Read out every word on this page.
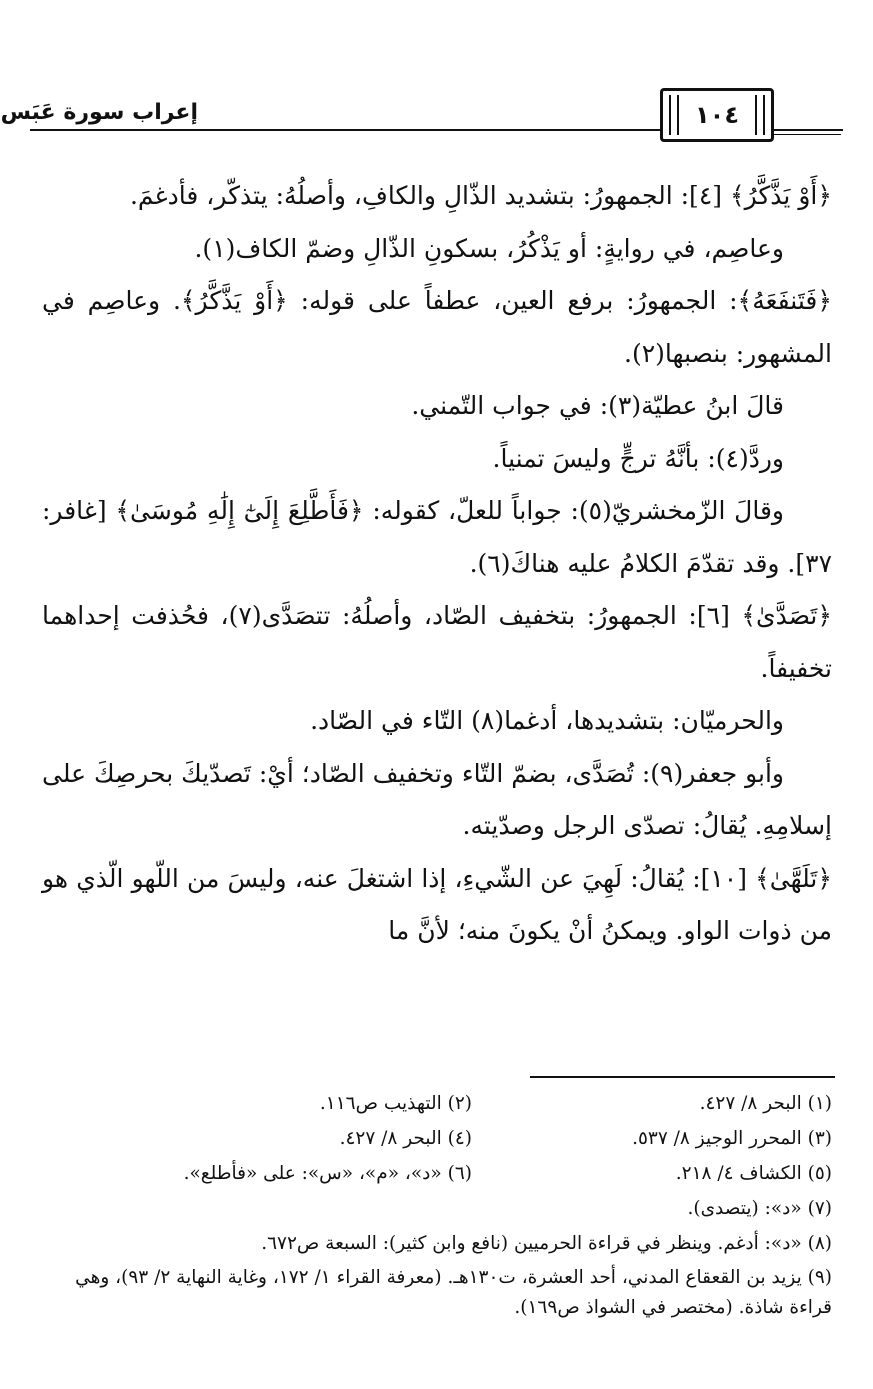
١٠٤
إعراب سورة عَبَس

﴿أَوْ يَذَّكَّرُ﴾ [٤]: الجمهورُ: بتشديد الذّالِ والكافِ، وأصلُهُ: يتذكّر، فأدغمَ.

وعاصِم، في روايةٍ: أو يَذْكُرُ، بسكونِ الذّالِ وضمّ الكاف(١).

﴿فَتَنفَعَهُ﴾: الجمهورُ: برفع العين، عطفاً على قوله: ﴿أَوْ يَذَّكَّرُ﴾. وعاصِم في المشهور: بنصبها(٢).

قالَ ابنُ عطيّة(٣): في جواب التّمني.

وردَّ(٤): بأنَّهُ ترجٍّ وليسَ تمنياً.

وقالَ الزّمخشريّ(٥): جواباً للعلّ، كقوله: ﴿فَأَطَّلِعَ إِلَىٰٓ إِلَٰهِ مُوسَىٰ﴾ [غافر: ٣٧]. وقد تقدّمَ الكلامُ عليه هناكَ(٦).

﴿تَصَدَّىٰ﴾ [٦]: الجمهورُ: بتخفيف الصّاد، وأصلُهُ: تتصَدَّى(٧)، فحُذفت إحداهما تخفيفاً.

والحرميّان: بتشديدها، أدغما(٨) التّاء في الصّاد.

وأبو جعفر(٩): تُصَدَّى، بضمّ التّاء وتخفيف الصّاد؛ أيْ: تَصدّيكَ بحرصِكَ على إسلامِهِ. يُقالُ: تصدّى الرجل وصدّيته.

﴿تَلَهَّىٰ﴾ [١٠]: يُقالُ: لَهِيَ عن الشّيءِ، إذا اشتغلَ عنه، وليسَ من اللّهو الّذي هو من ذوات الواو. ويمكنُ أنْ يكونَ منه؛ لأنَّ ما

(١) البحر ٨/ ٤٢٧.
(٢) التهذيب ص١١٦.
(٣) المحرر الوجيز ٨/ ٥٣٧.
(٤) البحر ٨/ ٤٢٧.
(٥) الكشاف ٤/ ٢١٨.
(٦) «د»، «م»، «س»: على «فأطلع».
(٧) «د»: (يتصدى).
(٨) «د»: أدغم. وينظر في قراءة الحرميين (نافع وابن كثير): السبعة ص٦٧٢.
(٩) يزيد بن القعقاع المدني، أحد العشرة، ت١٣٠هـ. (معرفة القراء ١/ ١٧٢، وغاية النهاية ٢/ ٩٣)، وهي قراءة شاذة. (مختصر في الشواذ ص١٦٩).
